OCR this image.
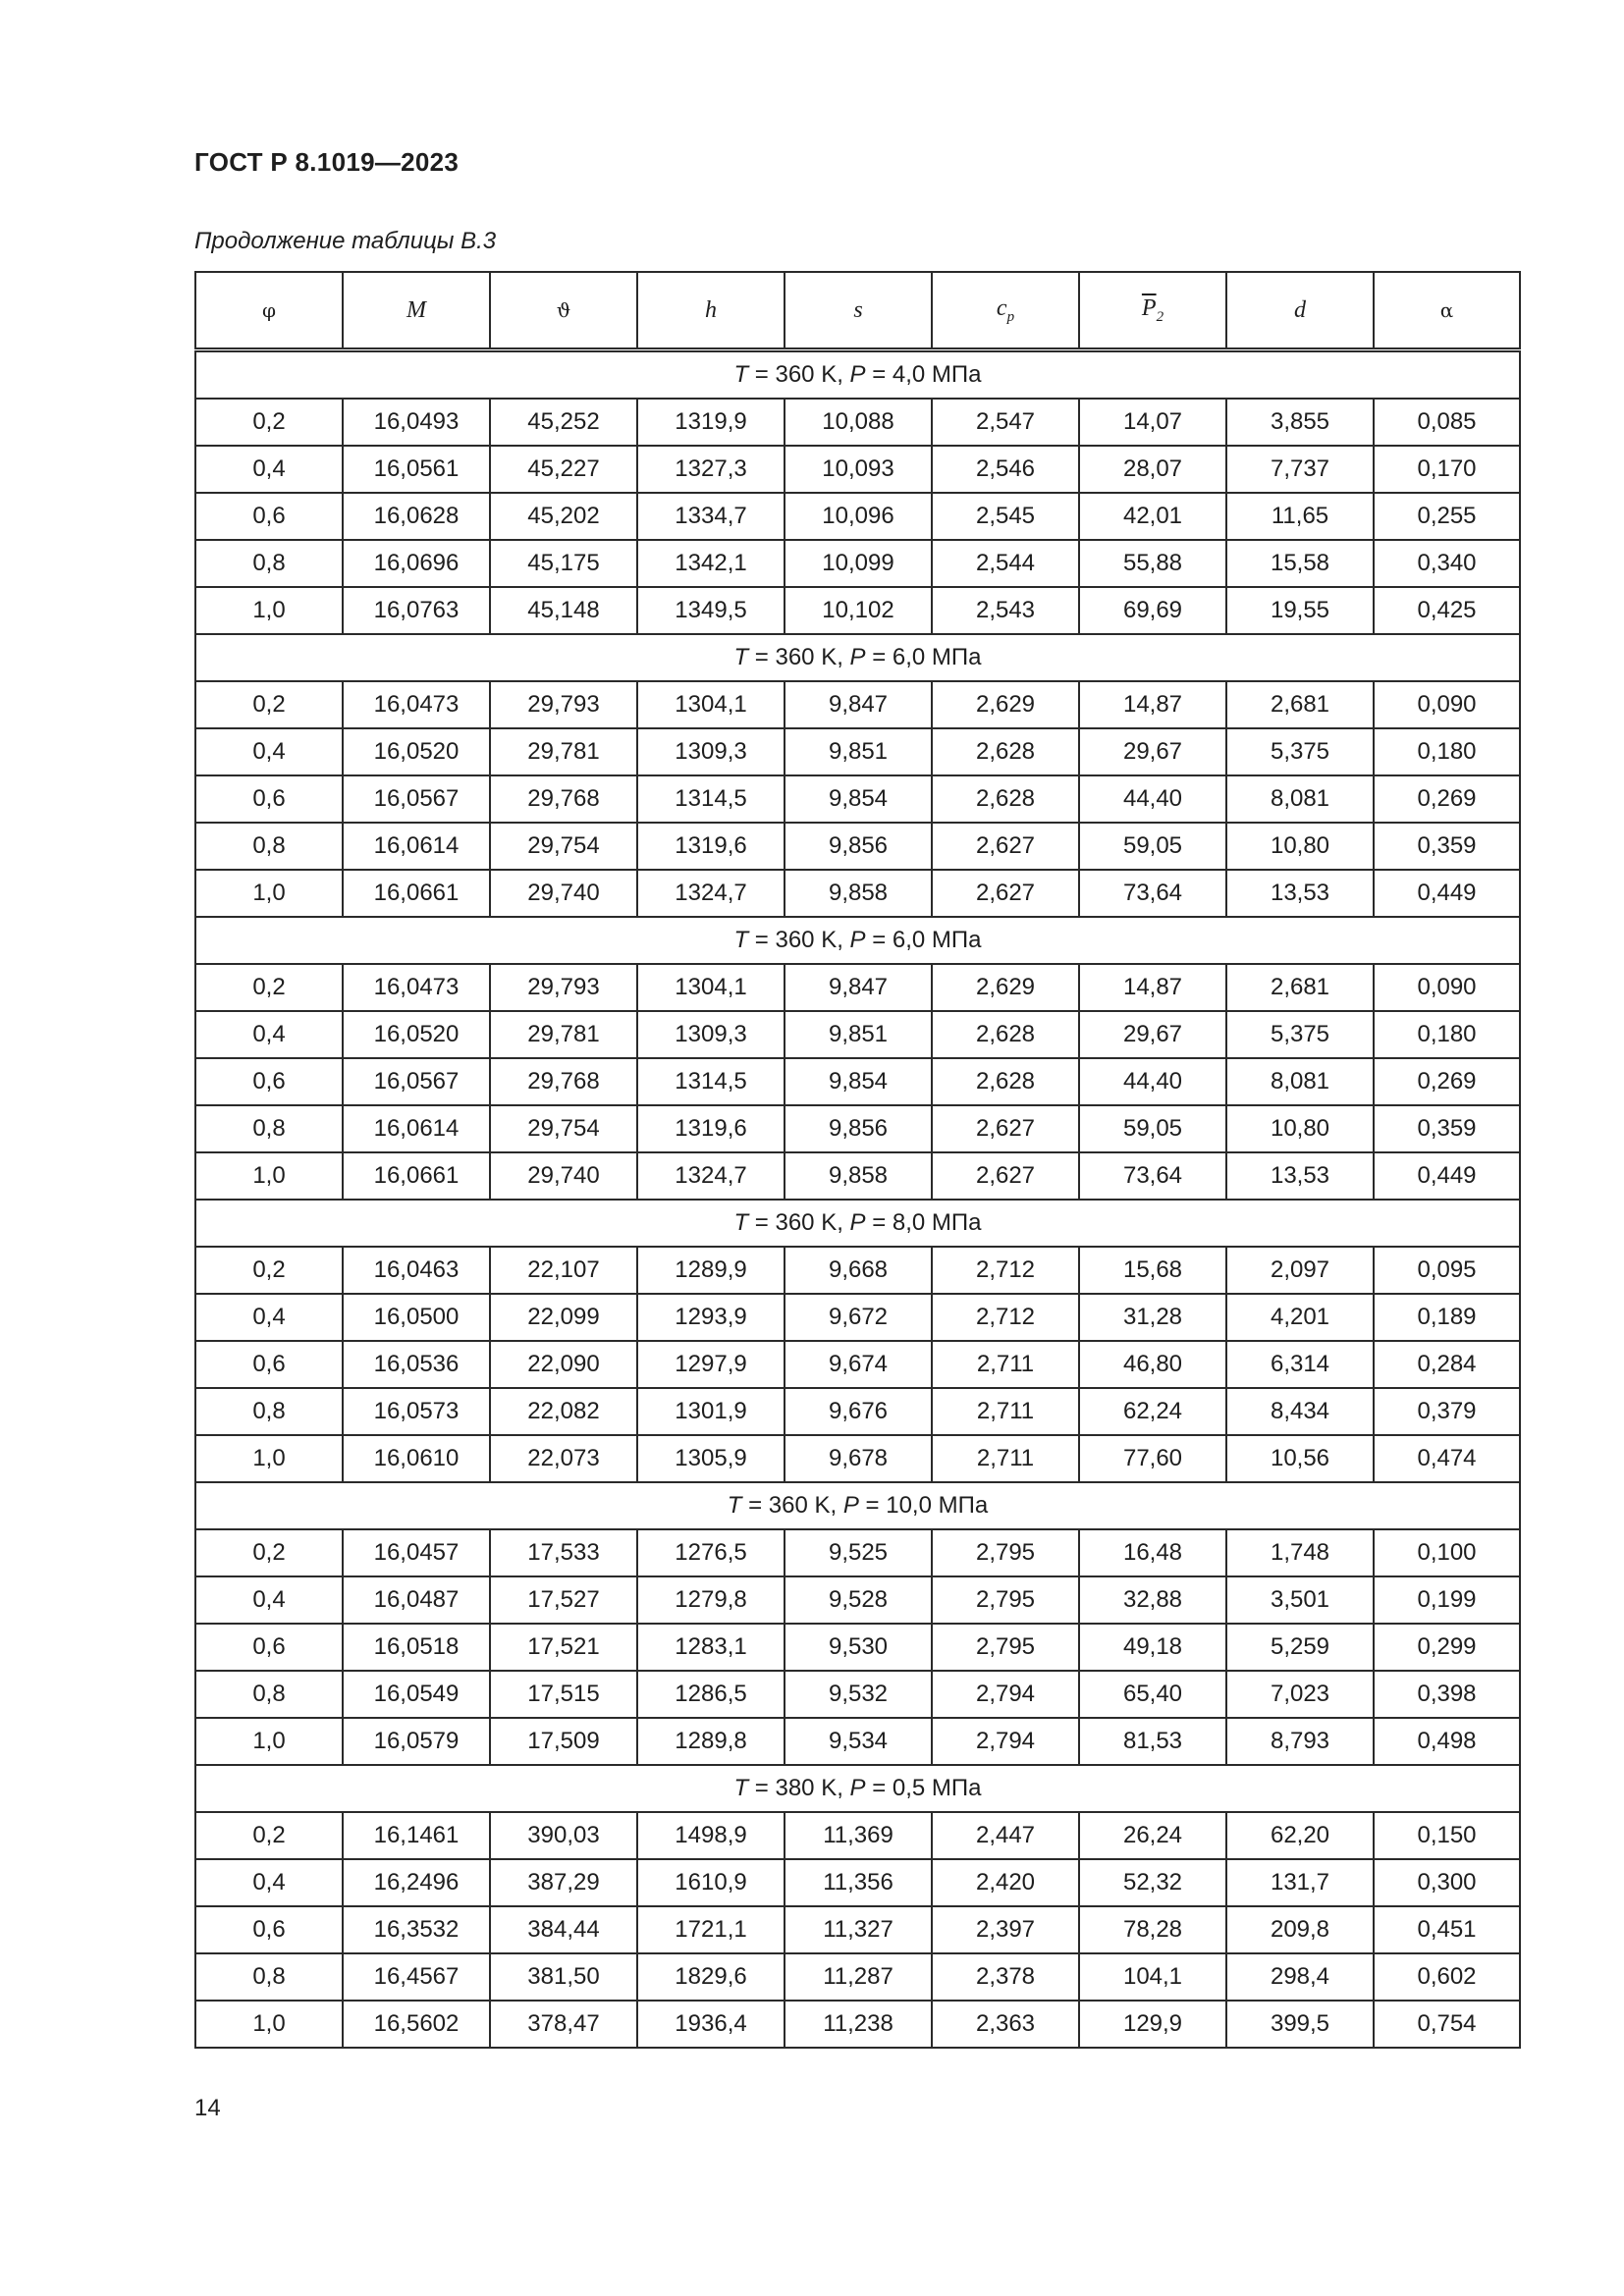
ГОСТ Р 8.1019—2023
Продолжение таблицы В.3
φ	M	ϑ	h	s	$c_p$	$\overline{P}_2$	d	α
T = 360 K, P = 4,0 МПа								
0,2	16,0493	45,252	1319,9	10,088	2,547	14,07	3,855	0,085
0,4	16,0561	45,227	1327,3	10,093	2,546	28,07	7,737	0,170
0,6	16,0628	45,202	1334,7	10,096	2,545	42,01	11,65	0,255
0,8	16,0696	45,175	1342,1	10,099	2,544	55,88	15,58	0,340
1,0	16,0763	45,148	1349,5	10,102	2,543	69,69	19,55	0,425
T = 360 K, P = 6,0 МПа								
0,2	16,0473	29,793	1304,1	9,847	2,629	14,87	2,681	0,090
0,4	16,0520	29,781	1309,3	9,851	2,628	29,67	5,375	0,180
0,6	16,0567	29,768	1314,5	9,854	2,628	44,40	8,081	0,269
0,8	16,0614	29,754	1319,6	9,856	2,627	59,05	10,80	0,359
1,0	16,0661	29,740	1324,7	9,858	2,627	73,64	13,53	0,449
T = 360 K, P = 6,0 МПа								
0,2	16,0473	29,793	1304,1	9,847	2,629	14,87	2,681	0,090
0,4	16,0520	29,781	1309,3	9,851	2,628	29,67	5,375	0,180
0,6	16,0567	29,768	1314,5	9,854	2,628	44,40	8,081	0,269
0,8	16,0614	29,754	1319,6	9,856	2,627	59,05	10,80	0,359
1,0	16,0661	29,740	1324,7	9,858	2,627	73,64	13,53	0,449
T = 360 K, P = 8,0 МПа								
0,2	16,0463	22,107	1289,9	9,668	2,712	15,68	2,097	0,095
0,4	16,0500	22,099	1293,9	9,672	2,712	31,28	4,201	0,189
0,6	16,0536	22,090	1297,9	9,674	2,711	46,80	6,314	0,284
0,8	16,0573	22,082	1301,9	9,676	2,711	62,24	8,434	0,379
1,0	16,0610	22,073	1305,9	9,678	2,711	77,60	10,56	0,474
T = 360 K, P = 10,0 МПа								
0,2	16,0457	17,533	1276,5	9,525	2,795	16,48	1,748	0,100
0,4	16,0487	17,527	1279,8	9,528	2,795	32,88	3,501	0,199
0,6	16,0518	17,521	1283,1	9,530	2,795	49,18	5,259	0,299
0,8	16,0549	17,515	1286,5	9,532	2,794	65,40	7,023	0,398
1,0	16,0579	17,509	1289,8	9,534	2,794	81,53	8,793	0,498
T = 380 K, P = 0,5 МПа								
0,2	16,1461	390,03	1498,9	11,369	2,447	26,24	62,20	0,150
0,4	16,2496	387,29	1610,9	11,356	2,420	52,32	131,7	0,300
0,6	16,3532	384,44	1721,1	11,327	2,397	78,28	209,8	0,451
0,8	16,4567	381,50	1829,6	11,287	2,378	104,1	298,4	0,602
1,0	16,5602	378,47	1936,4	11,238	2,363	129,9	399,5	0,754
14
